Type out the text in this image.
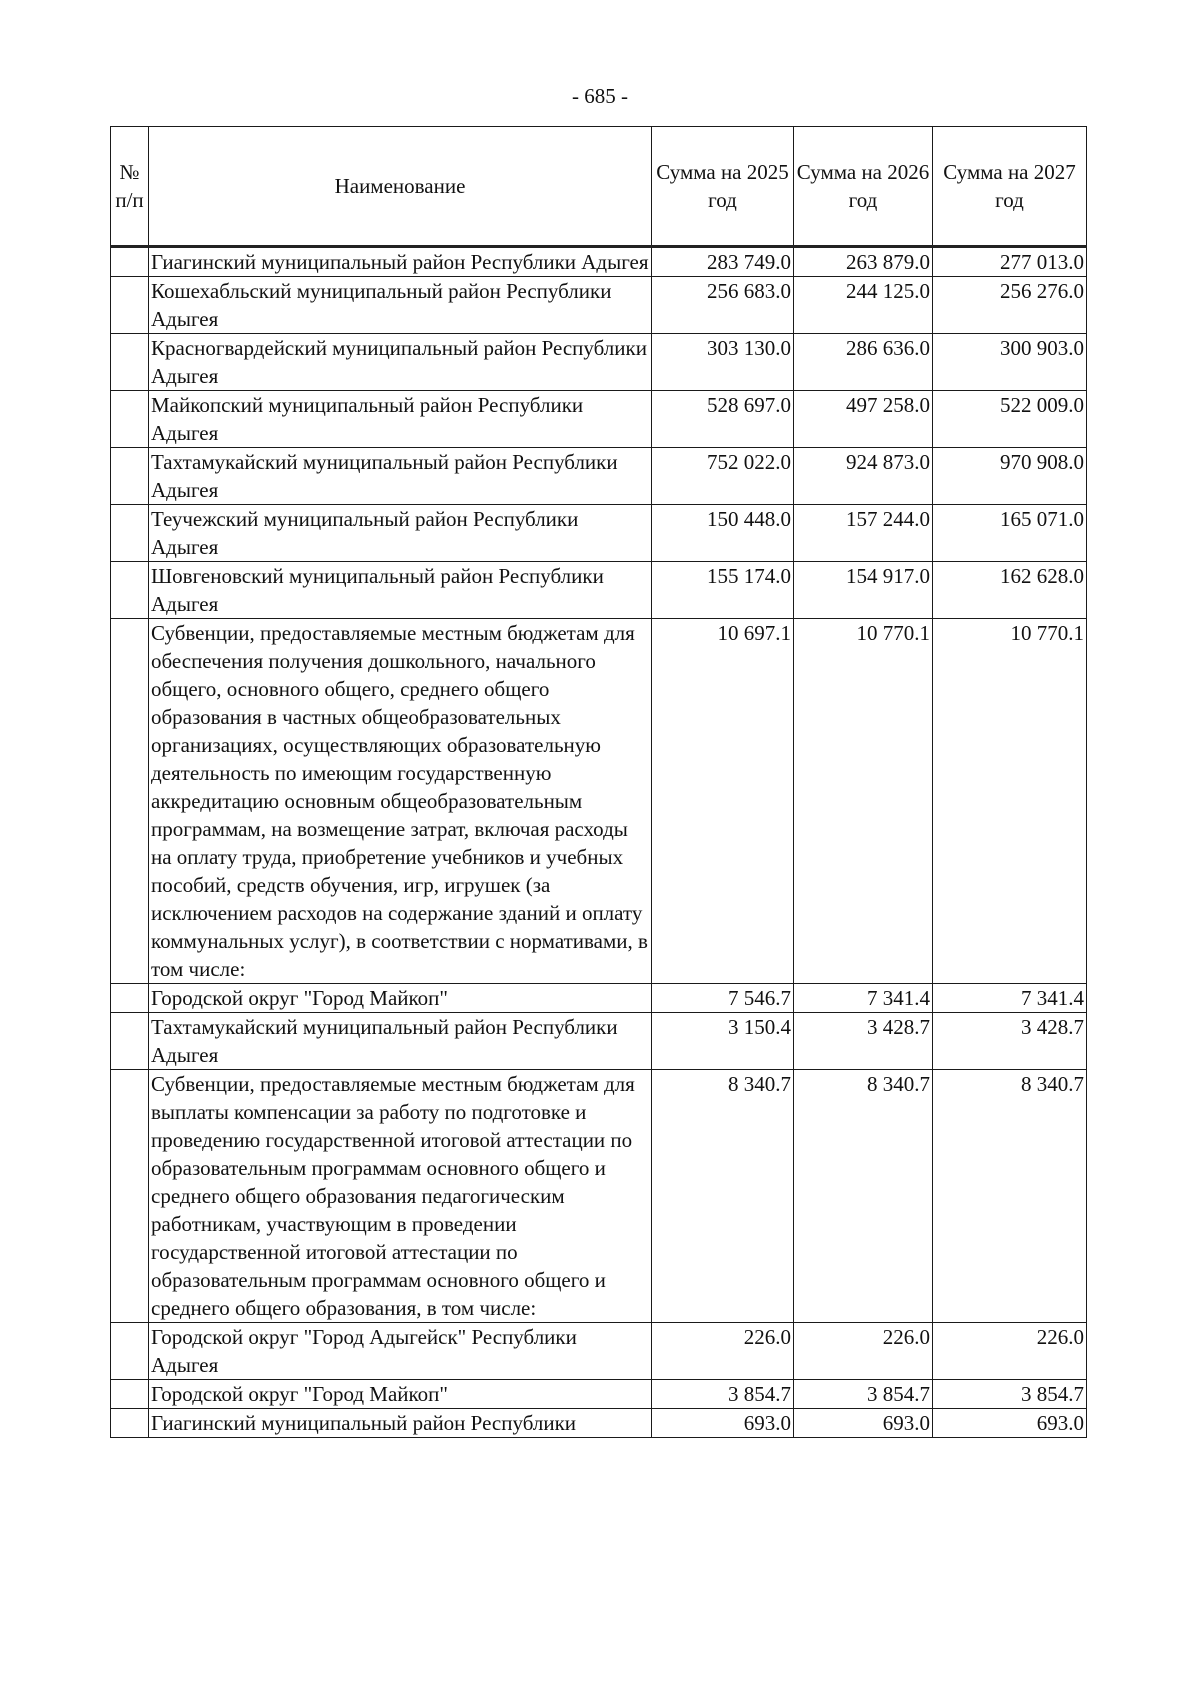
- 685 -
№ п/п	Наименование	Сумма на 2025 год	Сумма на 2026 год	Сумма на 2027 год
	Гиагинский муниципальный район Республики Адыгея	283 749.0	263 879.0	277 013.0
	Кошехабльский муниципальный район Республики Адыгея	256 683.0	244 125.0	256 276.0
	Красногвардейский муниципальный район Республики Адыгея	303 130.0	286 636.0	300 903.0
	Майкопский муниципальный район Республики Адыгея	528 697.0	497 258.0	522 009.0
	Тахтамукайский муниципальный район Республики Адыгея	752 022.0	924 873.0	970 908.0
	Теучежский муниципальный район Республики Адыгея	150 448.0	157 244.0	165 071.0
	Шовгеновский муниципальный район Республики Адыгея	155 174.0	154 917.0	162 628.0
	Субвенции, предоставляемые местным бюджетам для обеспечения получения дошкольного, начального общего, основного общего, среднего общего образования в частных общеобразовательных организациях, осуществляющих образовательную деятельность по имеющим государственную аккредитацию основным общеобразовательным программам, на возмещение затрат, включая расходы на оплату труда, приобретение учебников и учебных пособий, средств обучения, игр, игрушек (за исключением расходов на содержание зданий и оплату коммунальных услуг), в соответствии с нормативами, в том числе:	10 697.1	10 770.1	10 770.1
	Городской округ "Город Майкоп"	7 546.7	7 341.4	7 341.4
	Тахтамукайский муниципальный район Республики Адыгея	3 150.4	3 428.7	3 428.7
	Субвенции, предоставляемые местным бюджетам для выплаты компенсации за работу по подготовке и проведению государственной итоговой аттестации по образовательным программам основного общего и среднего общего образования педагогическим работникам, участвующим в проведении государственной итоговой аттестации по образовательным программам основного общего и среднего общего образования, в том числе:	8 340.7	8 340.7	8 340.7
	Городской округ "Город Адыгейск" Республики Адыгея	226.0	226.0	226.0
	Городской округ "Город Майкоп"	3 854.7	3 854.7	3 854.7
	Гиагинский муниципальный район Республики	693.0	693.0	693.0
